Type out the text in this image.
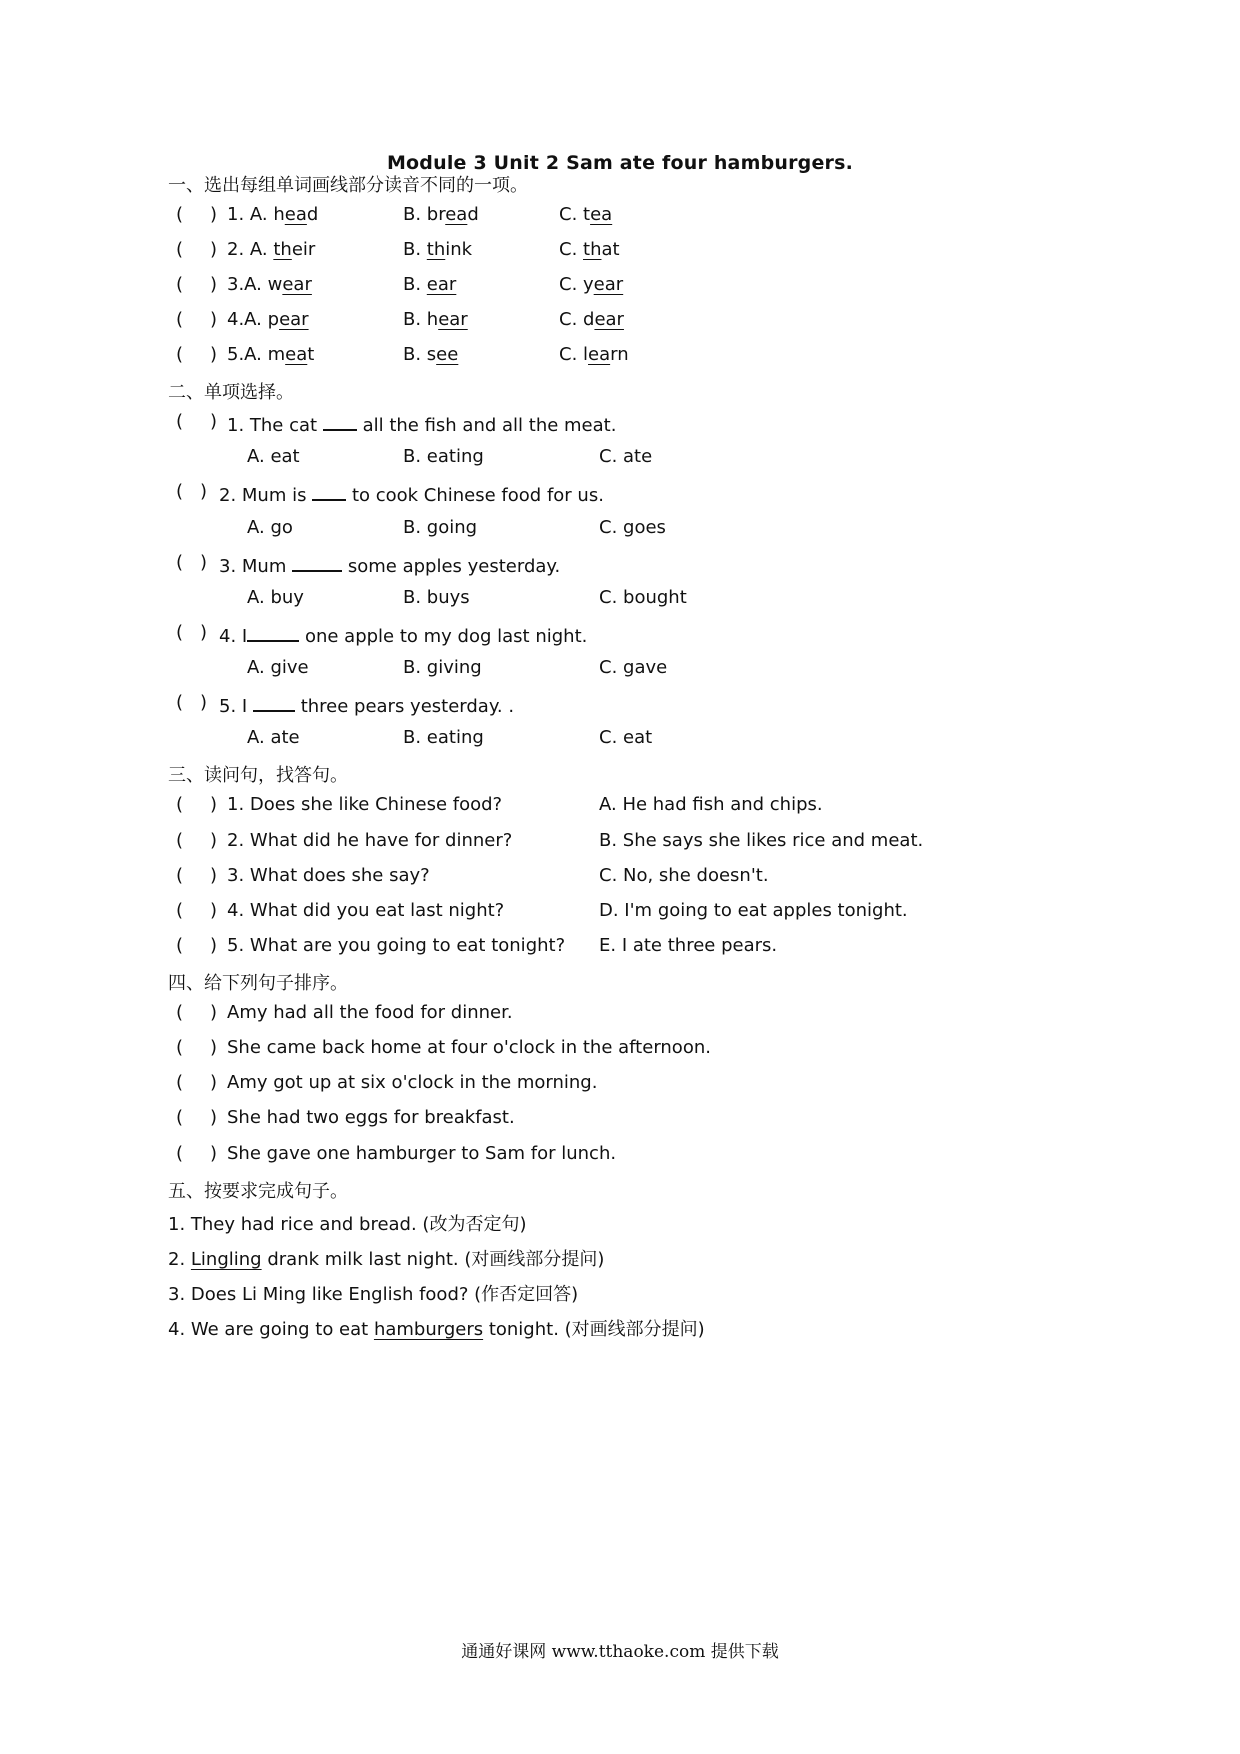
Module 3 Unit 2 Sam ate four hamburgers.
一、选出每组单词画线部分读音不同的一项。
( ) 1. A. head	B. bread	C. tea
( ) 2. A. their	B. think	C. that
( ) 3.A. wear	B. ear	C. year
( ) 4.A. pear	B. hear	C. dear
( ) 5.A. meat	B. see	C. learn
二、单项选择。
( ) 1. The cat	all the fish and all the meat.
A. eat	B. eating	C. ate
( ) 2. Mum is	to cook Chinese food for us.
A. go	B. going	C. goes
( ) 3. Mum	some apples yesterday.
A. buy	B. buys	C. bought
( ) 4. I	one apple to my dog last night.
A. give	B. giving	C. gave
( ) 5. I	three pears yesterday. .
A. ate	B. eating	C. eat
三、读问句，找答句。
( ) 1. Does she like Chinese food?	A. He had fish and chips.
( ) 2. What did he have for dinner?	B. She says she likes rice and meat.
( ) 3. What does she say?	C. No, she doesn't.
( ) 4. What did you eat last night?	D. I'm going to eat apples tonight.
( ) 5. What are you going to eat tonight? E. I ate three pears.
四、给下列句子排序。
( ) Amy had all the food for dinner.
( ) She came back home at four o'clock in the afternoon.
( ) Amy got up at six o'clock in the morning.
( ) She had two eggs for breakfast.
( ) She gave one hamburger to Sam for lunch.
五、按要求完成句子。
1. They had rice and bread. (改为否定句)
2. Lingling drank milk last night. (对画线部分提问)
3. Does Li Ming like English food? (作否定回答)
4. We are going to eat hamburgers tonight. (对画线部分提问)
通通好课网 www.tthaoke.com 提供下载
